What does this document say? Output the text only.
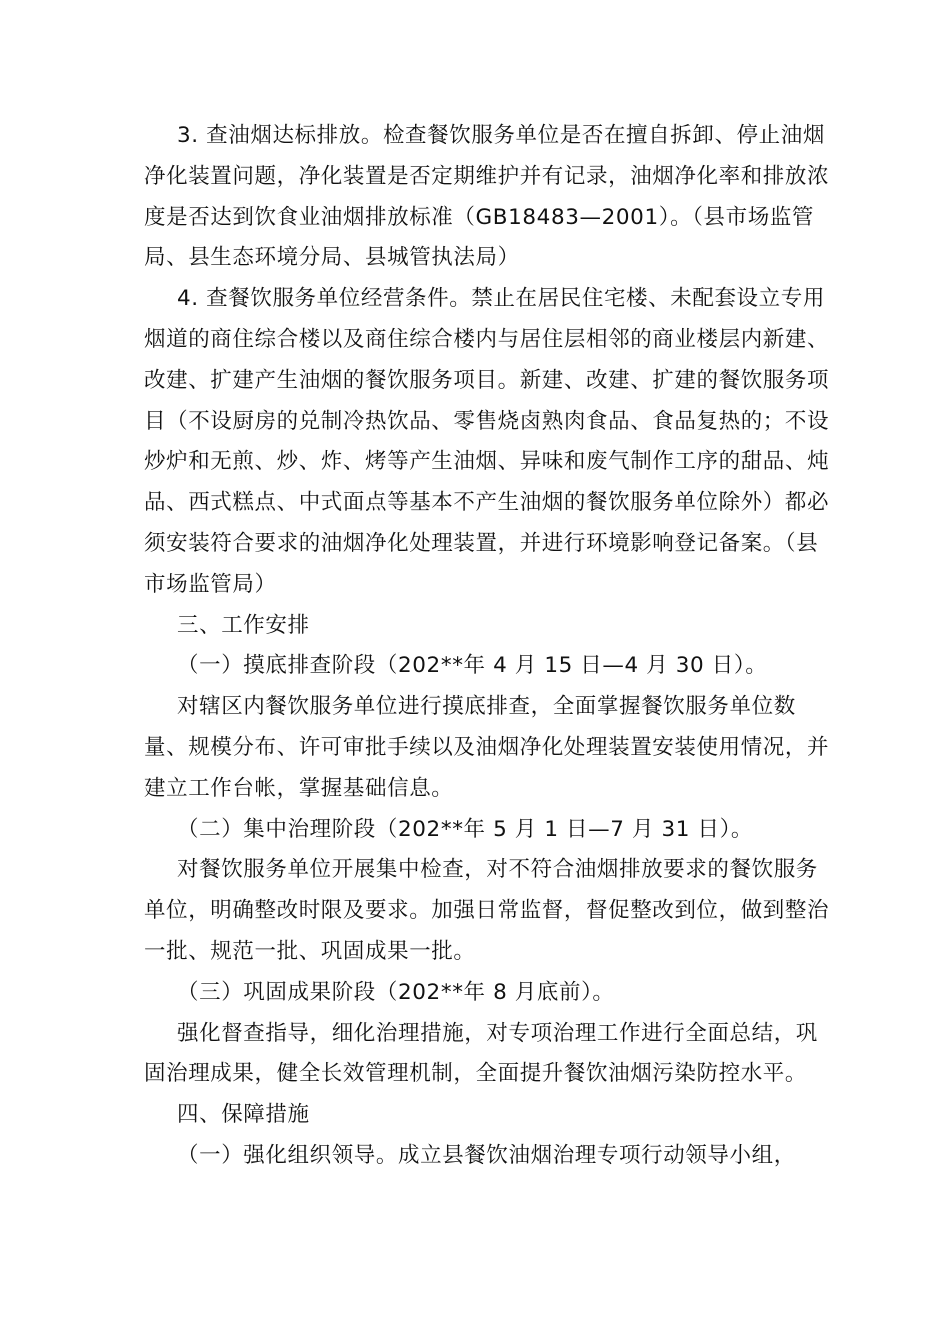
3. 查油烟达标排放。检查餐饮服务单位是否在擅自拆卸、停止油烟净化装置问题，净化装置是否定期维护并有记录，油烟净化率和排放浓度是否达到饮食业油烟排放标准（GB18483—2001）。（县市场监管局、县生态环境分局、县城管执法局）

4. 查餐饮服务单位经营条件。禁止在居民住宅楼、未配套设立专用烟道的商住综合楼以及商住综合楼内与居住层相邻的商业楼层内新建、改建、扩建产生油烟的餐饮服务项目。新建、改建、扩建的餐饮服务项目（不设厨房的兑制冷热饮品、零售烧卤熟肉食品、食品复热的；不设炒炉和无煎、炒、炸、烤等产生油烟、异味和废气制作工序的甜品、炖品、西式糕点、中式面点等基本不产生油烟的餐饮服务单位除外）都必须安装符合要求的油烟净化处理装置，并进行环境影响登记备案。（县市场监管局）

三、工作安排

（一）摸底排查阶段（202**年 4 月 15 日—4 月 30 日）。

对辖区内餐饮服务单位进行摸底排查，全面掌握餐饮服务单位数量、规模分布、许可审批手续以及油烟净化处理装置安装使用情况，并建立工作台帐，掌握基础信息。

（二）集中治理阶段（202**年 5 月 1 日—7 月 31 日）。

对餐饮服务单位开展集中检查，对不符合油烟排放要求的餐饮服务单位，明确整改时限及要求。加强日常监督，督促整改到位，做到整治一批、规范一批、巩固成果一批。

（三）巩固成果阶段（202**年 8 月底前）。

强化督查指导，细化治理措施，对专项治理工作进行全面总结，巩固治理成果，健全长效管理机制，全面提升餐饮油烟污染防控水平。

四、保障措施

（一）强化组织领导。成立县餐饮油烟治理专项行动领导小组，
